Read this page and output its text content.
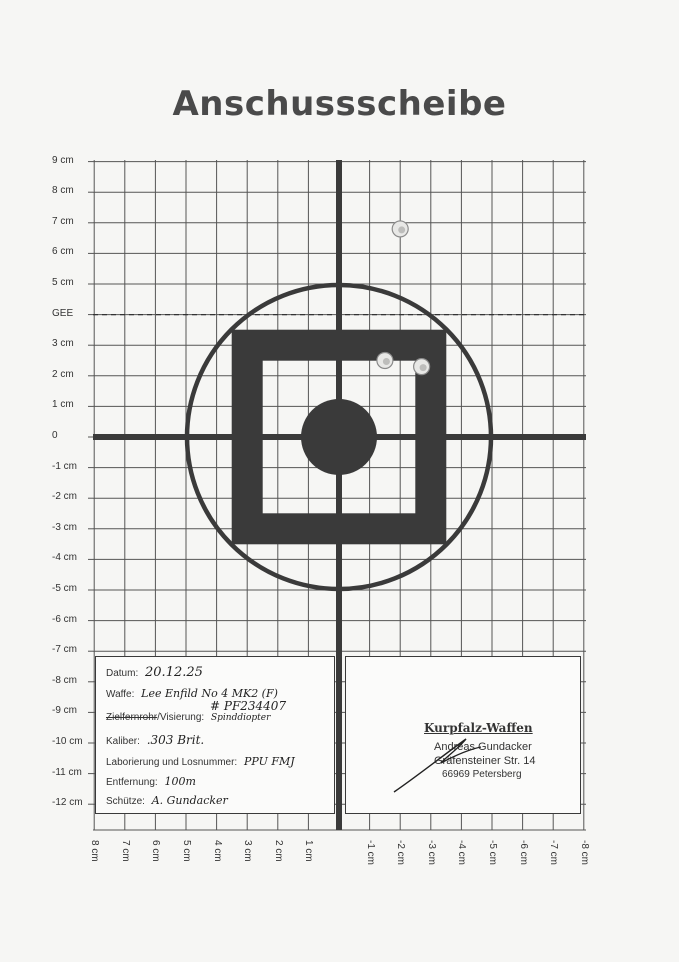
Anschussscheibe
9 cm
8 cm
7 cm
6 cm
5 cm
GEE
3 cm
2 cm
1 cm
0
-1 cm
-2 cm
-3 cm
-4 cm
-5 cm
-6 cm
-7 cm
-8 cm
-9 cm
-10 cm
-11 cm
-12 cm
8 cm 7 cm 6 cm 5 cm 4 cm 3 cm 2 cm 1 cm	-1 cm -2 cm -3 cm -4 cm -5 cm -6 cm -7 cm -8 cm
Datum: 20.12.25
Waffe: Lee Enfild No 4 MK2 (F)
# PF234407
Zielfernrohr/Visierung: Spinddiopter
Kaliber: .303 Brit.
Laborierung und Losnummer: PPU FMJ
Entfernung: 100m
Schütze: A. Gundacker
Kurpfalz-Waffen
Andreas Gundacker
Gräfensteiner Str. 14
66969 Petersberg
